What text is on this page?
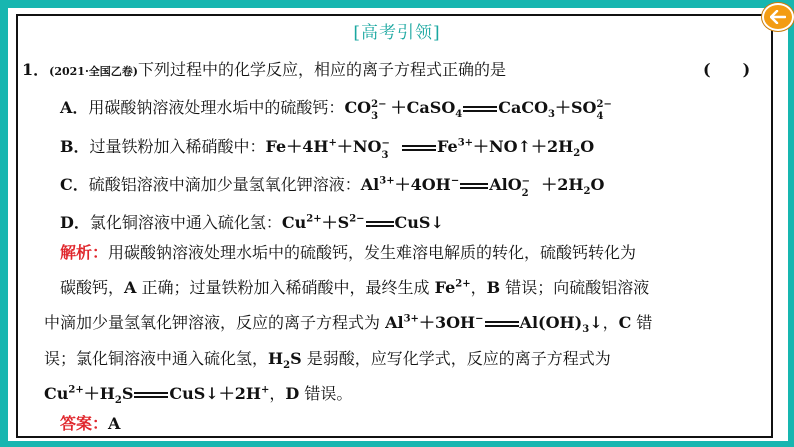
[高考引领]
1．(2021·全国乙卷)下列过程中的化学反应，相应的离子方程式正确的是	(　　)
A．用碳酸钠溶液处理水垢中的硫酸钙：CO 2−
3 ＋CaSO$_4$ CaCO$_3$＋SO 2−
4
B．过量铁粉加入稀硝酸中：Fe＋4H+＋NO −
3	$Fe^{3+}+NO↑+2H_2O$
C．硫酸铝溶液中滴加少量氢氧化钾溶液：$Al^{3+}+4OH^-$ AlO −
$2 +2H_2O$
D．氯化铜溶液中通入硫化氢：$Cu^{2+}+S^{2-}$ CuS↓
解析：用碳酸钠溶液处理水垢中的硫酸钙，发生难溶电解质的转化，硫酸钙转化为
碳酸钙，A 正确；过量铁粉加入稀硝酸中，最终生成 $Fe^{2+}$，B 错误；向硫酸铝溶液
中滴加少量氢氧化钾溶液，反应的离子方程式为 $Al^{3+}+3OH^-$ $Al(OH)_3↓$，C 错
误；氯化铜溶液中通入硫化氢，$H_2S$ 是弱酸，应写化学式，反应的离子方程式为
$Cu^{2+}+H_2S$ CuS↓＋2H+，D 错误。
答案：A
